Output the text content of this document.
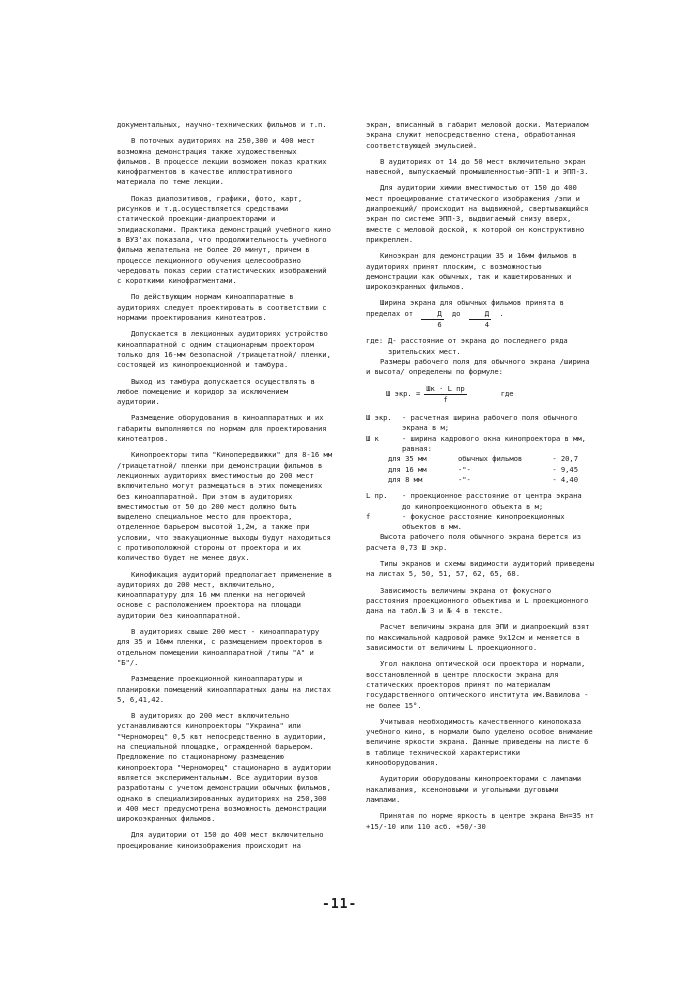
документальных, научно-технических фильмов и т.п.

В поточных аудиториях на 250,300 и 400 мест возможна демонстрация также художественных фильмов. В процессе лекции возможен показ кратких кинофрагментов в качестве иллюстративного материала по теме лекции.

Показ диапозитивов, графики, фото, карт, рисунков и т.д.осуществляется средствами статической проекции-диапроекторами и эпидиаскопами. Практика демонстраций учебного кино в ВУЗ'ах показала, что продолжительность учебного фильма желательна не более 20 минут, причем в процессе лекционного обучения целесообразно чередовать показ серии статистических изображений с короткими кинофрагментами.

По действующим нормам киноаппаратные в аудиториях следует проектировать в соответствии с нормами проектирования кинотеатров.

Допускается в лекционных аудиториях устройство киноаппаратной с одним стационарным проектором только для 16-мм безопасной /триацетатной/ пленки, состоящей из кинопроекционной и тамбура.

Выход из тамбура допускается осуществлять в любое помещение и коридор за исключением аудитории.

Размещение оборудования в киноаппаратных и их габариты выполняются по нормам для проектирования кинотеатров.

Кинопроекторы типа "Кинопередвижки" для 8-16 мм /триацетатной/ пленки при демонстрации фильмов в лекционных аудиториях вместимостью до 200 мест включительно могут размещаться в этих помещениях без киноаппаратной. При этом в аудиториях вместимостью от 50 до 200 мест должно быть выделено специальное место для проектора, отделенное барьером высотой 1,2м, а также при условии, что эвакуационные выходы будут находиться с противоположной стороны от проектора и их количество будет не менее двух.

Кинофикация аудиторий предполагает применение в аудиториях до 200 мест, включительно, киноаппаратуру для 16 мм пленки на негорючей основе с расположением проектора на площади аудитории без киноаппаратной.

В аудиториях свыше 200 мест - киноаппаратуру для 35 и 16мм пленки, с размещением проекторов в отдельном помещении киноаппаратной /типы "А" и "Б"/.

Размещение проекционной киноаппаратуры и планировки помещений киноаппаратных даны на листах 5, 6,41,42.

В аудиториях до 200 мест включительно устанавливаются кинопроекторы "Украина" или "Черноморец" 0,5 квт непосредственно в аудитории, на специальной площадке, огражденной барьером. Предложение по стационарному размещению кинопроектора "Черноморец" стационарно в аудитории является экспериментальным. Все аудитории вузов разработаны с учетом демонстрации обычных фильмов, однако в специализированных аудиториях на 250,300 и 400 мест предусмотрена возможность демонстрации широкоэкранных фильмов.

Для аудитории от 150 до 400 мест включительно проецирование киноизображения происходит на

экран, вписанный в габарит меловой доски. Материалом экрана служит непосредственно стена, обработанная соответствующей эмульсией.

В аудиториях от 14 до 50 мест включительно экран навесной, выпускаемый промышленностью-ЭПП-1 и ЭПП-3.

Для аудитории химии вместимостью от 150 до 400 мест проецирование статического изображения /эпи и диапроекций/ происходит на выдвижной, свертывающийся экран по системе ЭПП-3, выдвигаемый снизу вверх, вместе с меловой доской, к которой он конструктивно прикреплен.

Киноэкран для демонстрации 35 и 16мм фильмов в аудиториях принят плоским, с возможностью демонстрации как обычных, так и кашетированных и широкоэкранных фильмов.

Ширина экрана для обычных фильмов принята в пределах от $\frac{Д}{6}$ до $\frac{Д}{4}$ .

где: Д- расстояние от экрана до последнего ряда зрительских мест.

Размеры рабочего поля для обычного экрана /ширина и высота/ определены по формуле:

Ш экр. = $\frac{\text{Шк · L пр}}{f}$	где
Ш экр.	- расчетная ширина рабочего поля обычного экрана в м;
Ш к	- ширина кадрового окна кинопроектора в мм, равная:
для 35 мм	обычных фильмов	- 20,7
для 16 мм	-"-	- 9,45
для 8 мм	-"-	- 4,40
L пр.	- проекционное расстояние от центра экрана до кинопроекционного объекта в м;
f	- фокусное расстояние кинопроекционных объектов в мм.

Высота рабочего поля обычного экрана берется из расчета 0,73 Ш экр.

Типы экранов и схемы видимости аудиторий приведены на листах 5, 50, 51, 57, 62, 65, 68.

Зависимость величины экрана от фокусного расстояния проекционного объектива и L проекционного дана на табл.№ 3 и № 4 в тексте.

Расчет величины экрана для ЭПИ и диапроекций взят по максимальной кадровой рамке 9х12см и меняется в зависимости от величины L проекционного.

Угол наклона оптической оси проектора и нормали, восстановленной в центре плоскости экрана для статических проекторов принят по материалам государственного оптического института им.Вавилова - не более 15°.

Учитывая необходимость качественного кинопоказа учебного кино, в нормали было уделено особое внимание величине яркости экрана. Данные приведены на листе 6 в таблице технической характеристики кинооборудования.

Аудитории оборудованы кинопроекторами с лампами накаливания, ксеноновыми и угольными дуговыми лампами.

Принятая по норме яркость в центре экрана Вн=35 нт +15/-10 или 110 асб. +50/-30

-11-
